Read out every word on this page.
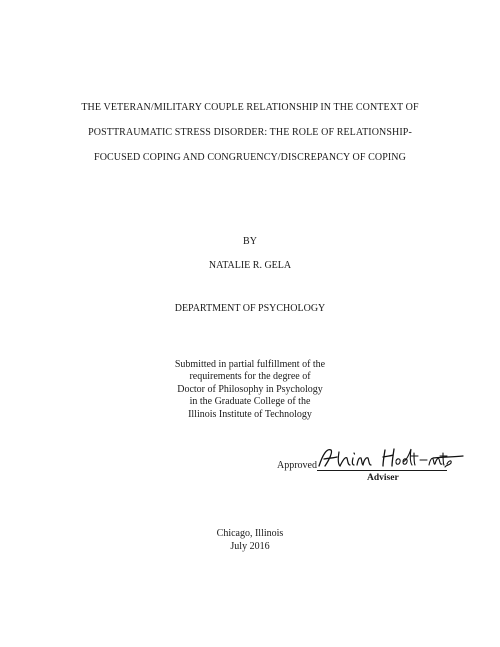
THE VETERAN/MILITARY COUPLE RELATIONSHIP IN THE CONTEXT OF
POSTTRAUMATIC STRESS DISORDER: THE ROLE OF RELATIONSHIP-
FOCUSED COPING AND CONGRUENCY/DISCREPANCY OF COPING
BY
NATALIE R. GELA
DEPARTMENT OF PSYCHOLOGY
Submitted in partial fulfillment of the
requirements for the degree of
Doctor of Philosophy in Psychology
in the Graduate College of the
Illinois Institute of Technology
Approved
Adviser
Chicago, Illinois
July 2016
